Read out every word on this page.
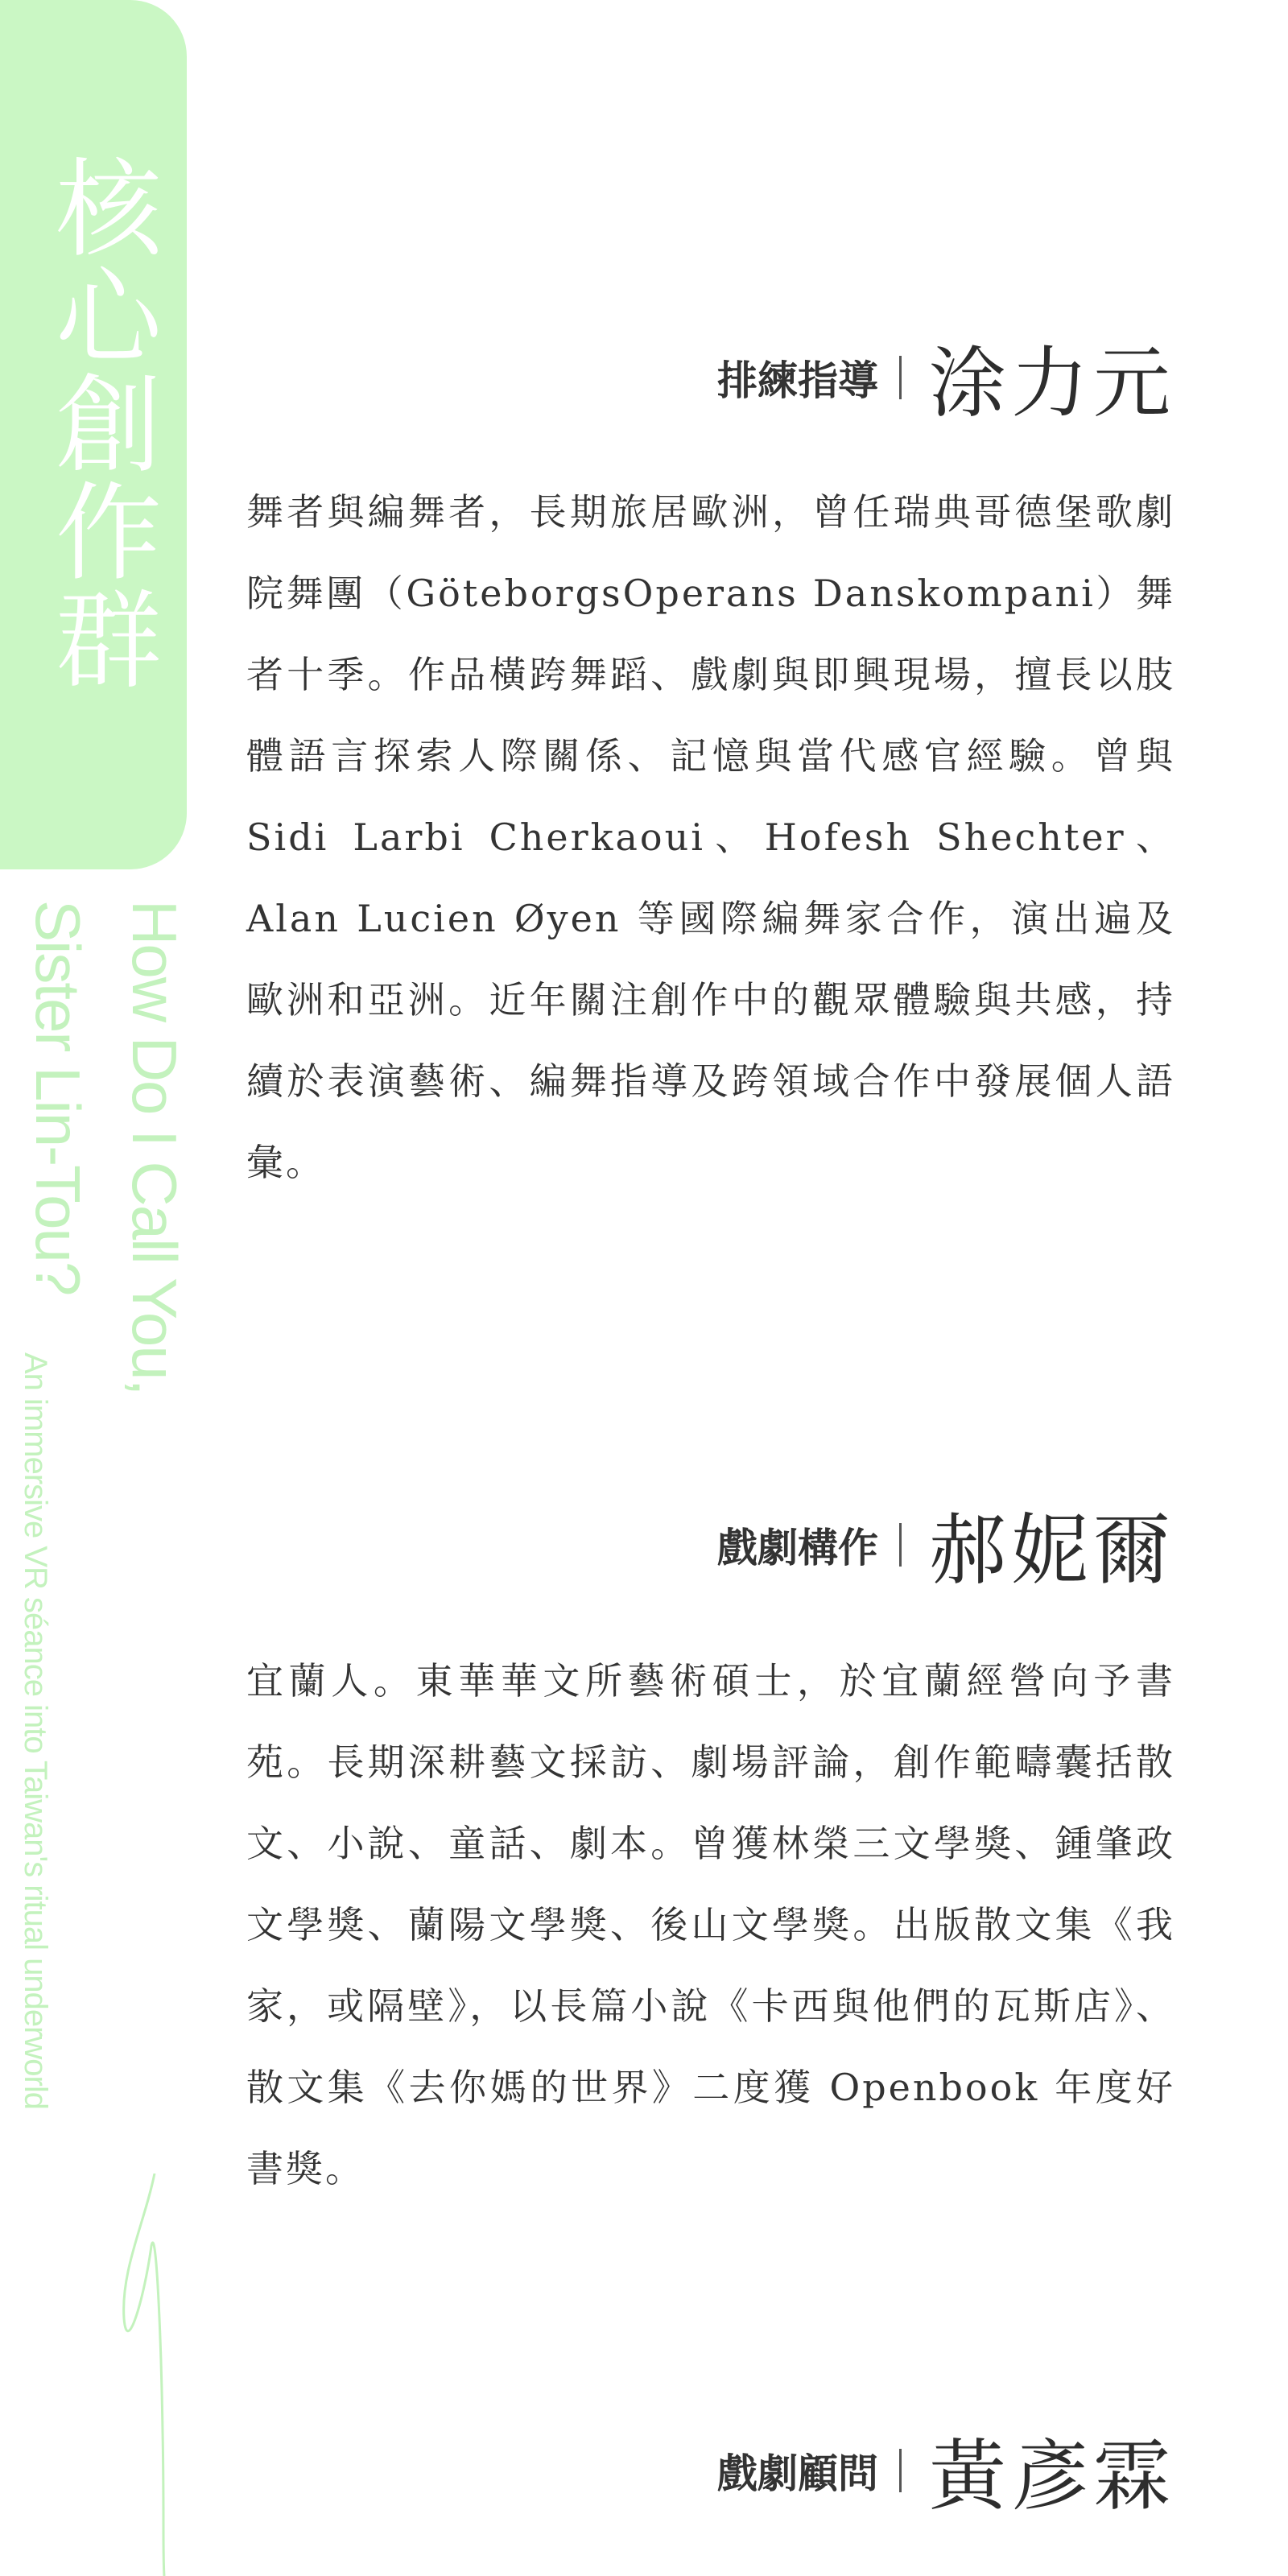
核心創作群
How Do I Call You,
Sister Lin-Tou?
An immersive VR séance into Taiwan's ritual underworld
排練指導 涂力元

舞者與編舞者，長期旅居歐洲，曾任瑞典哥德堡歌劇院舞團（GöteborgsOperans Danskompani）舞者十季。作品橫跨舞蹈、戲劇與即興現場，擅長以肢體語言探索人際關係、記憶與當代感官經驗。曾與 Sidi Larbi Cherkaoui、Hofesh Shechter、Alan Lucien Øyen 等國際編舞家合作，演出遍及歐洲和亞洲。近年關注創作中的觀眾體驗與共感，持續於表演藝術、編舞指導及跨領域合作中發展個人語彙。

戲劇構作 郝妮爾

宜蘭人。東華華文所藝術碩士，於宜蘭經營向予書苑。長期深耕藝文採訪、劇場評論，創作範疇囊括散文、小說、童話、劇本。曾獲林榮三文學獎、鍾肇政文學獎、蘭陽文學獎、後山文學獎。出版散文集《我家，或隔壁》，以長篇小說《卡西與他們的瓦斯店》、散文集《去你媽的世界》二度獲 Openbook 年度好書獎。

戲劇顧問 黃彥霖
